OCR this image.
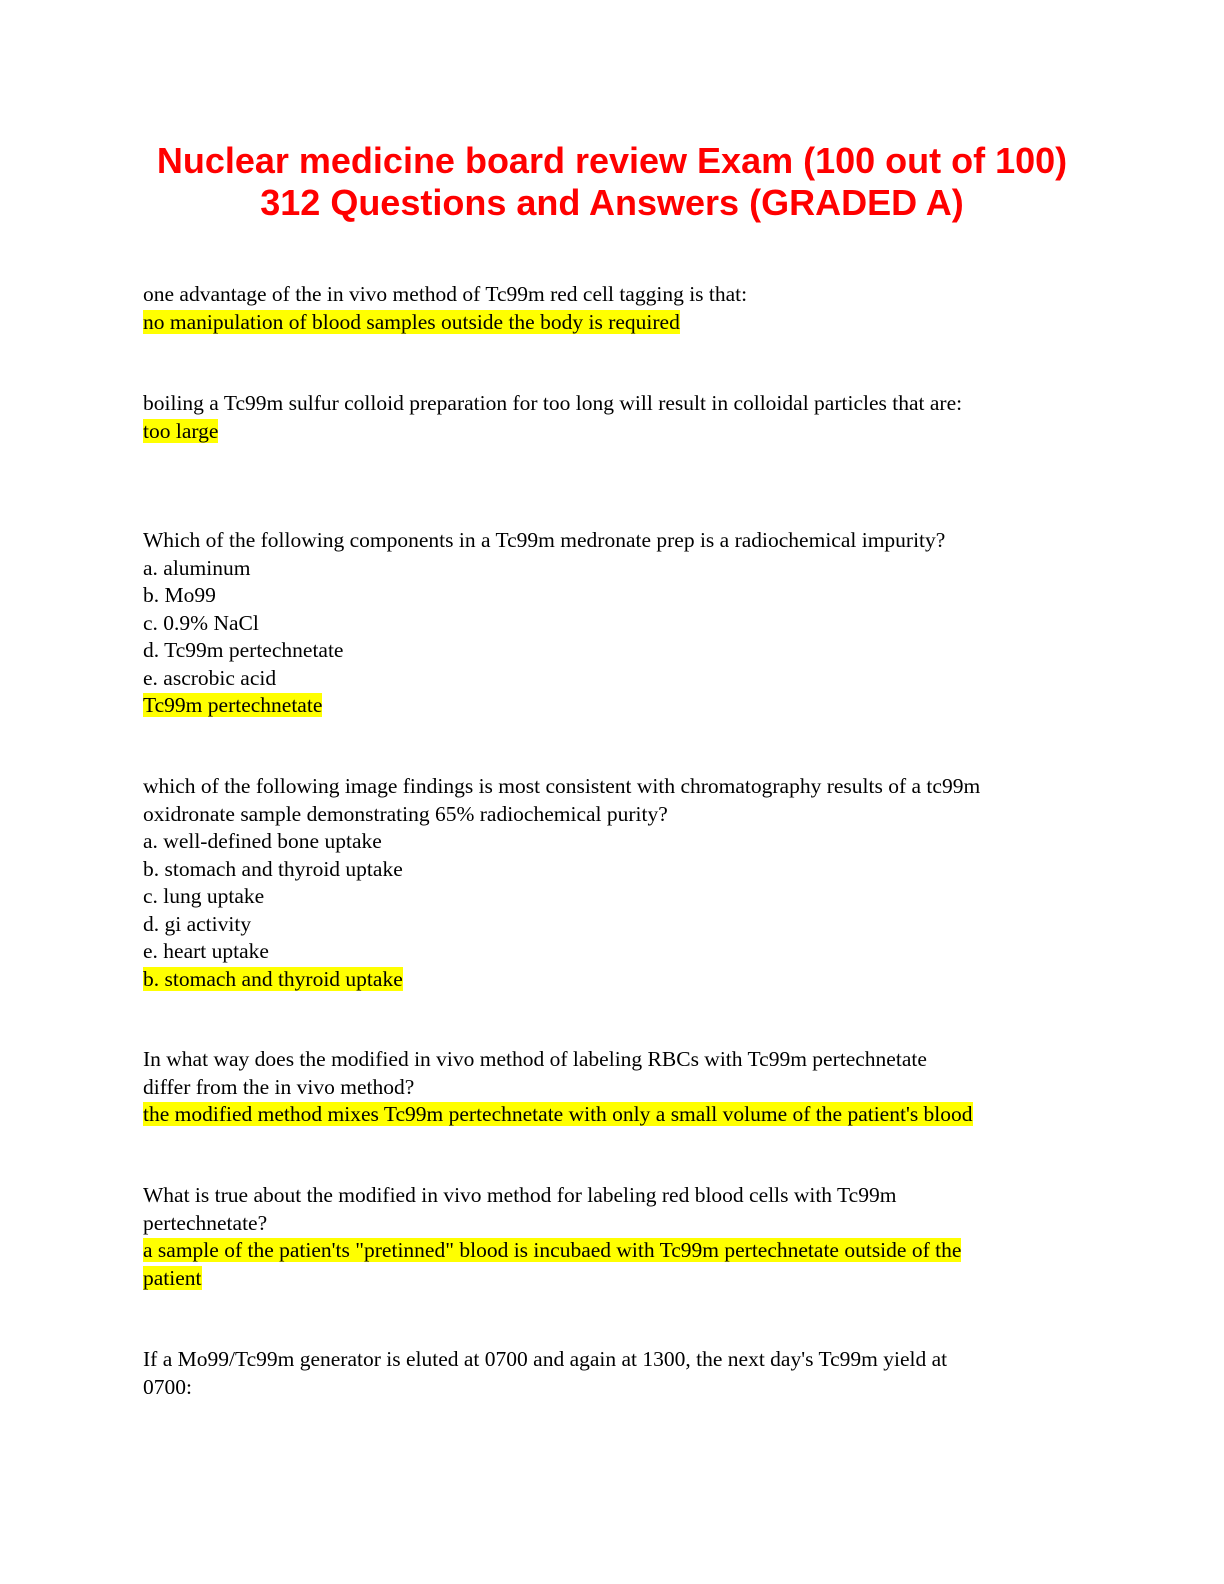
Nuclear medicine board review Exam (100 out of 100)
312 Questions and Answers (GRADED A)
one advantage of the in vivo method of Tc99m red cell tagging is that:
no manipulation of blood samples outside the body is required
boiling a Tc99m sulfur colloid preparation for too long will result in colloidal particles that are:
too large
Which of the following components in a Tc99m medronate prep is a radiochemical impurity?
a. aluminum
b. Mo99
c. 0.9% NaCl
d. Tc99m pertechnetate
e. ascrobic acid
Tc99m pertechnetate
which of the following image findings is most consistent with chromatography results of a tc99m
oxidronate sample demonstrating 65% radiochemical purity?
a. well-defined bone uptake
b. stomach and thyroid uptake
c. lung uptake
d. gi activity
e. heart uptake
b. stomach and thyroid uptake
In what way does the modified in vivo method of labeling RBCs with Tc99m pertechnetate
differ from the in vivo method?
the modified method mixes Tc99m pertechnetate with only a small volume of the patient's blood
What is true about the modified in vivo method for labeling red blood cells with Tc99m
pertechnetate?
a sample of the patien'ts "pretinned" blood is incubaed with Tc99m pertechnetate outside of the
patient
If a Mo99/Tc99m generator is eluted at 0700 and again at 1300, the next day's Tc99m yield at
0700:
